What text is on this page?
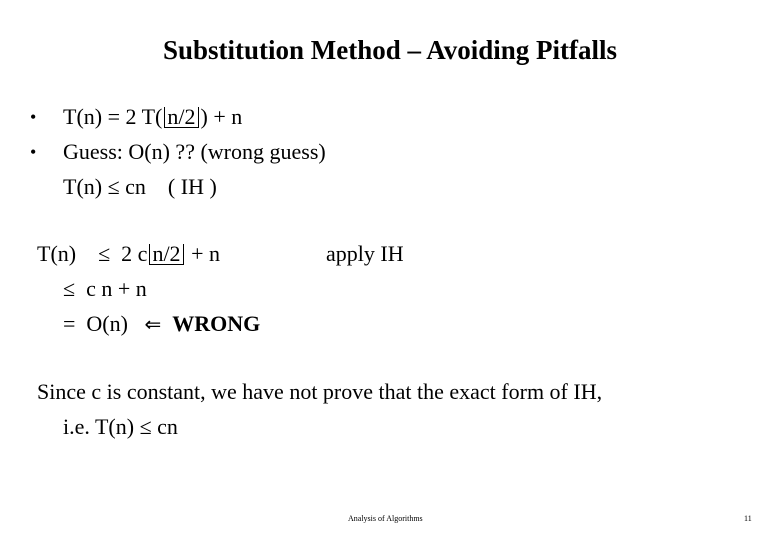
Substitution Method – Avoiding Pitfalls
• T(n) = 2 T( n/2 ) + n
• Guess: O(n) ?? (wrong guess)
T(n) ≤ cn    ( IH )
T(n)    ≤  2 c n/2 + n	apply IH
≤  c n + n
=  O(n) ⇐ WRONG
Since c is constant, we have not prove that the exact form of IH,
i.e. T(n) ≤ cn
Analysis of Algorithms	11
